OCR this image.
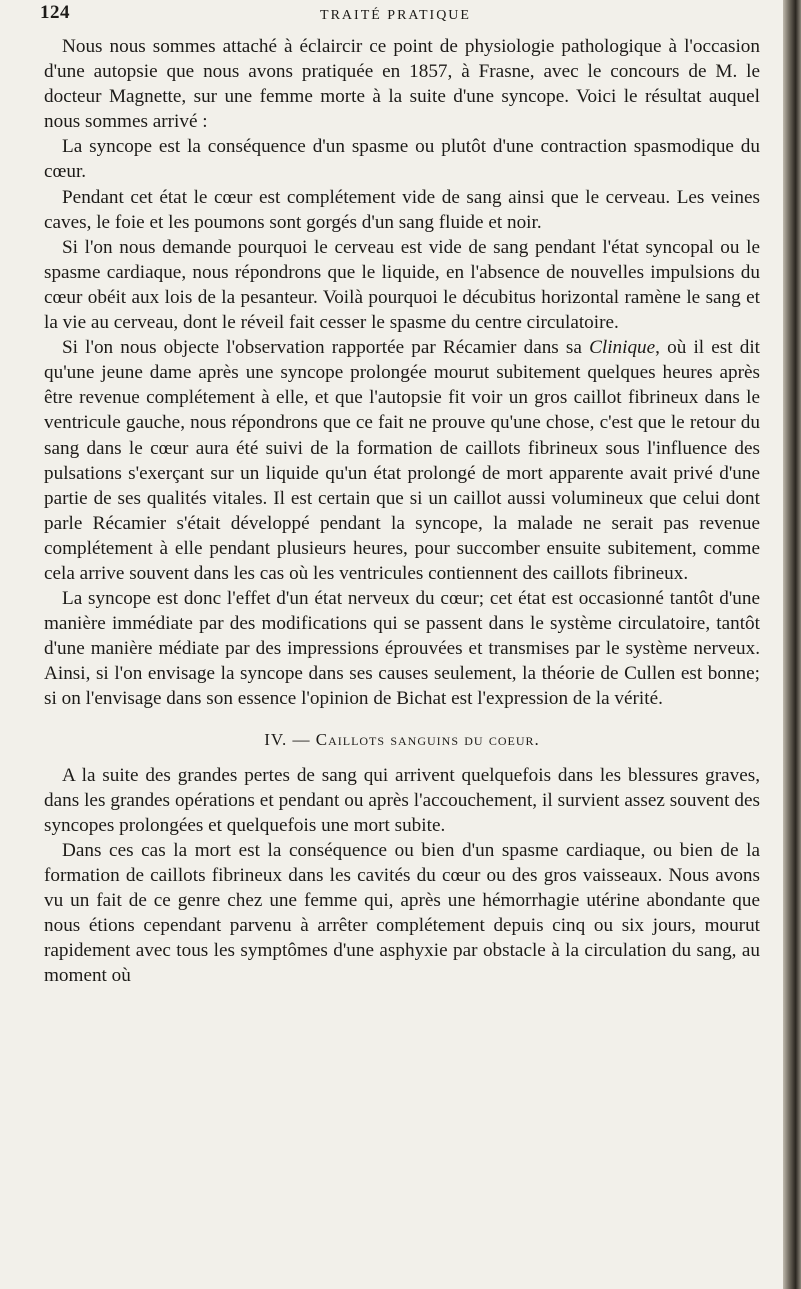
124	TRAITÉ PRATIQUE

Nous nous sommes attaché à éclaircir ce point de physiologie pathologique à l'occasion d'une autopsie que nous avons pratiquée en 1857, à Frasne, avec le concours de M. le docteur Magnette, sur une femme morte à la suite d'une syncope. Voici le résultat auquel nous sommes arrivé :

La syncope est la conséquence d'un spasme ou plutôt d'une contraction spasmodique du cœur.

Pendant cet état le cœur est complétement vide de sang ainsi que le cerveau. Les veines caves, le foie et les poumons sont gorgés d'un sang fluide et noir.

Si l'on nous demande pourquoi le cerveau est vide de sang pendant l'état syncopal ou le spasme cardiaque, nous répondrons que le liquide, en l'absence de nouvelles impulsions du cœur obéit aux lois de la pesanteur. Voilà pourquoi le décubitus horizontal ramène le sang et la vie au cerveau, dont le réveil fait cesser le spasme du centre circulatoire.

Si l'on nous objecte l'observation rapportée par Récamier dans sa Clinique, où il est dit qu'une jeune dame après une syncope prolongée mourut subitement quelques heures après être revenue complétement à elle, et que l'autopsie fit voir un gros caillot fibrineux dans le ventricule gauche, nous répondrons que ce fait ne prouve qu'une chose, c'est que le retour du sang dans le cœur aura été suivi de la formation de caillots fibrineux sous l'influence des pulsations s'exerçant sur un liquide qu'un état prolongé de mort apparente avait privé d'une partie de ses qualités vitales. Il est certain que si un caillot aussi volumineux que celui dont parle Récamier s'était développé pendant la syncope, la malade ne serait pas revenue complétement à elle pendant plusieurs heures, pour succomber ensuite subitement, comme cela arrive souvent dans les cas où les ventricules contiennent des caillots fibrineux.

La syncope est donc l'effet d'un état nerveux du cœur; cet état est occasionné tantôt d'une manière immédiate par des modifications qui se passent dans le système circulatoire, tantôt d'une manière médiate par des impressions éprouvées et transmises par le système nerveux. Ainsi, si l'on envisage la syncope dans ses causes seulement, la théorie de Cullen est bonne; si on l'envisage dans son essence l'opinion de Bichat est l'expression de la vérité.

IV. — Caillots sanguins du coeur.

A la suite des grandes pertes de sang qui arrivent quelquefois dans les blessures graves, dans les grandes opérations et pendant ou après l'accouchement, il survient assez souvent des syncopes prolongées et quelquefois une mort subite.

Dans ces cas la mort est la conséquence ou bien d'un spasme cardiaque, ou bien de la formation de caillots fibrineux dans les cavités du cœur ou des gros vaisseaux. Nous avons vu un fait de ce genre chez une femme qui, après une hémorrhagie utérine abondante que nous étions cependant parvenu à arrêter complétement depuis cinq ou six jours, mourut rapidement avec tous les symptômes d'une asphyxie par obstacle à la circulation du sang, au moment où
